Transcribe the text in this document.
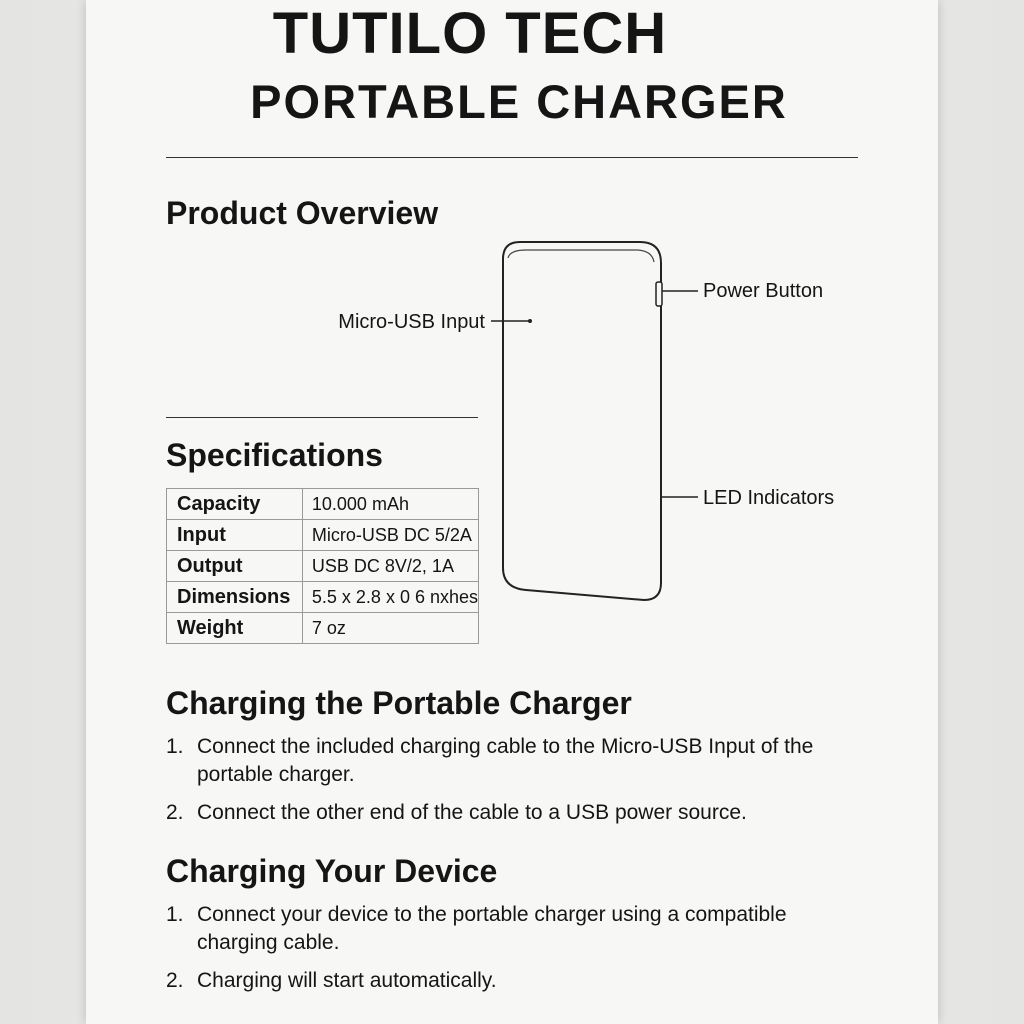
TUTILO TECH
PORTABLE CHARGER
Product Overview
Micro-USB Input
Power Button
LED Indicators
Specifications
Capacity	10.000 mAh
Input	Micro-USB DC 5/2A
Output	USB DC 8V/2, 1A
Dimensions	5.5 x 2.8 x 0 6 nxhes
Weight	7 oz
Charging the Portable Charger
1. Connect the included charging cable to the Micro-USB Input of the portable charger.
2. Connect the other end of the cable to a USB power source.
Charging Your Device
1. Connect your device to the portable charger using a compatible charging cable.
2. Charging will start automatically.
